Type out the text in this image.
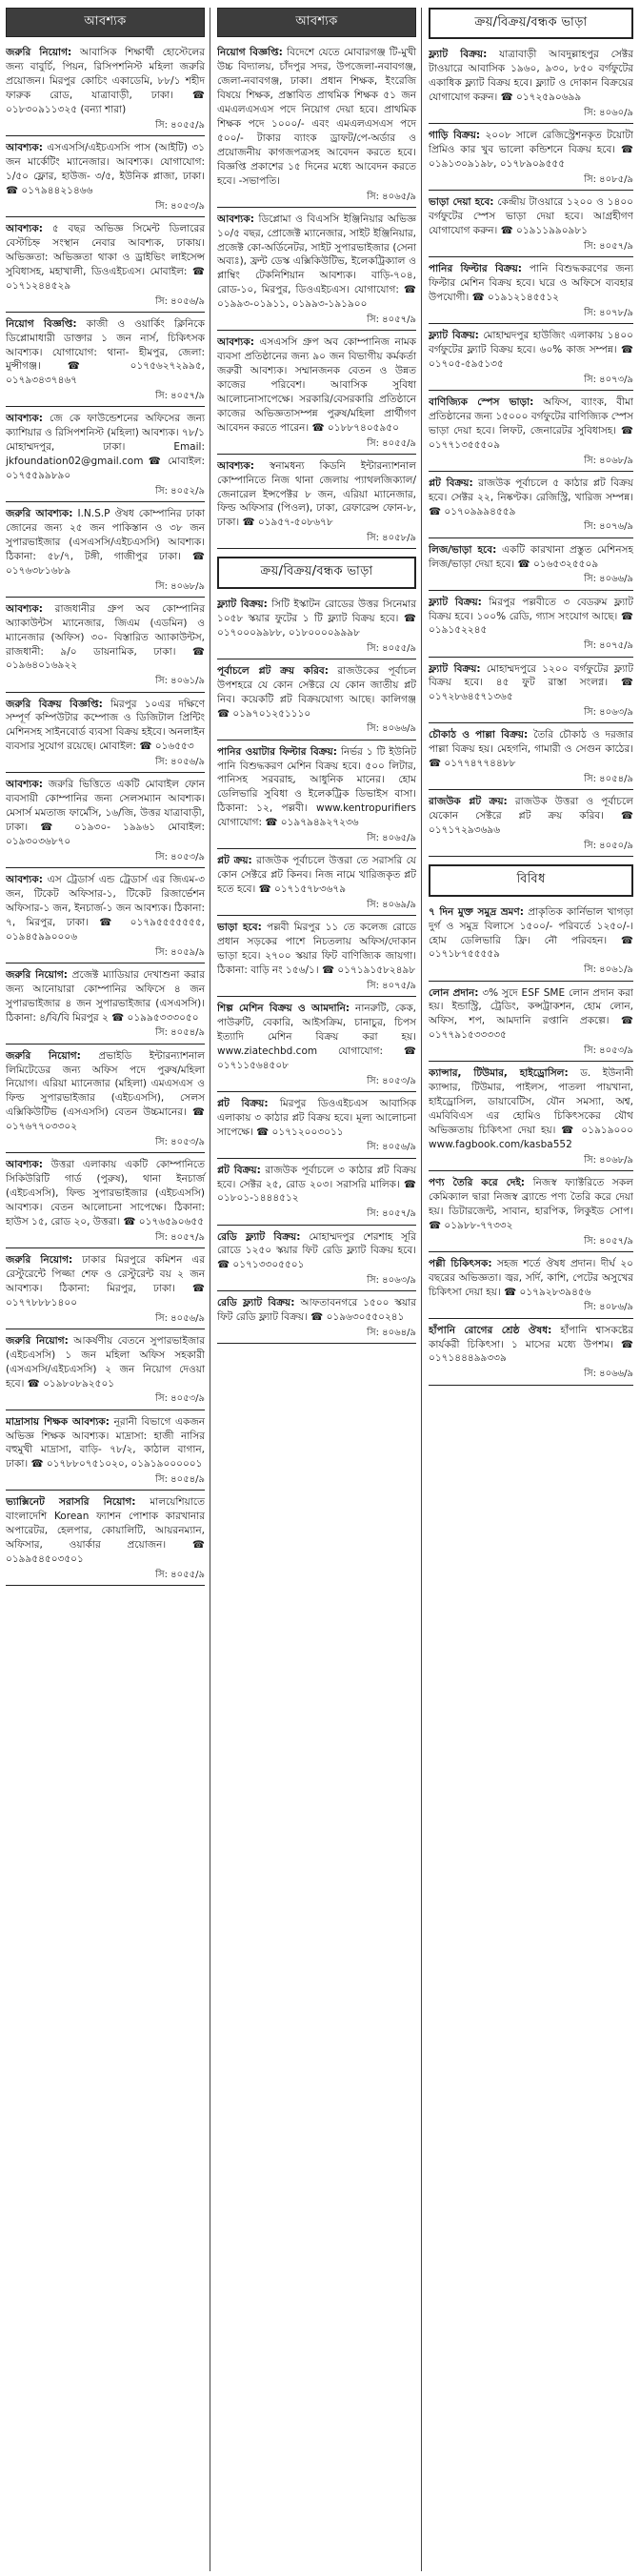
আবশ্যক
জরুরি নিয়োগ: আবাসিক শিক্ষার্থী হোস্টেলের জন্য বাবুর্চি, পিয়ন, রিসিপশনিস্ট মহিলা জরুরি প্রয়োজন। মিরপুর কোচিং একাডেমি, ৮৮/১ শহীদ ফারুক রোড, যাত্রাবাড়ী, ঢাকা। ☎ ০১৮৩০৯১১৩২৫ (বন্যা শারা)
সি: ৪০৫৫/৯
আবশ্যক: এসএসসি/এইচএসসি পাস (আইটি) ৩১ জন মার্কেটিং ম্যানেজার। আবশ্যক। যোগাযোগ: ১/৫০ ফ্লোর, হাউজ- ৩/৫, ইউনিক প্লাজা, ঢাকা। ☎ ০১৭৯৪৪২১৪৬৬
সি: ৪০৫৩/৯
আবশ্যক: ৫ বছর অভিজ্ঞ সিমেন্ট ডিলারের বেস্টচিহ্ন সংস্থান নেবার আবশ্যক, ঢাকায়। অভিজ্ঞতা: অভিজ্ঞতা থাকা ও ড্রাইভিং লাইসেন্স সুবিধাসহ, মহাখালী, ডিওএইচএস। মোবাইল: ☎ ০১৭১২৪৪৫২৯
সি: ৪০৫৬/৯
নিয়োগ বিজ্ঞপ্তি: কাজী ও ওয়ার্কিং ক্লিনিকে ডিপ্লোমাধারী ডাক্তার ১ জন নার্স, চিকিৎসক আবশ্যক। যোগাযোগ: থানা- হীমপুর, জেলা: মুন্সীগঞ্জ। ☎ ০১৭৫৬২৭২৯৯৫, ০১৭৯৩৪৩৭৪৬৭
সি: ৪০৫৭/৯
আবশ্যক: জে কে ফাউন্ডেশনের অফিসের জন্য ক্যাশিয়ার ও রিসিপশনিস্ট (মহিলা) আবশ্যক। ৭৮/১ মোহাম্মদপুর, ঢাকা। Email: jkfoundation02@gmail.com ☎ মোবাইল: ০১৭৫৫৯৯৮৯০
সি: ৪০৫২/৯
জরুরি আবশ্যক: I.N.S.P ঔষধ কোম্পানির ঢাকা জোনের জন্য ২৫ জন পাকিস্তান ও ৩৮ জন সুপারভাইজার (এসএসসি/এইচএসসি) আবশ্যক। ঠিকানা: ৫৮/৭, টঙ্গী, গাজীপুর ঢাকা। ☎ ০১৭৬৩৮১৬৮৯
সি: ৪০৬৮/৯
আবশ্যক: রাজধানীর গ্রুপ অব কোম্পানির অ্যাকাউন্টস ম্যানেজার, জিএম (এডমিন) ও ম্যানেজার (অফিস) ৩০- বিস্তারিত অ্যাকাউন্টস, রাজধানী: ৯/০ ডায়নামিক, ঢাকা। ☎ ০১৯৬৪০১৬৯২২
সি: ৪০৬১/৯
জরুরি বিক্রয় বিজ্ঞপ্তি: মিরপুর ১০এর দক্ষিণে সম্পূর্ণ কম্পিউটার কম্পোজ ও ডিজিটাল প্রিন্টিং মেশিনসহ সাইনবোর্ড ব্যবসা বিক্রয় হইবে। অনলাইন ব্যবসার সুযোগ রয়েছে। মোবাইল: ☎ ০১৬৫৫৩
সি: ৪০৫৬/৯
আবশ্যক: জরুরি ভিত্তিতে একটি মোবাইল ফোন ব্যবসায়ী কোম্পানির জন্য সেলসম্যান আবশ্যক। মেসার্স মমতাজ ফার্মেসি, ১৬/জি, উত্তর যাত্রাবাড়ী, ঢাকা। ☎ ০১৯৩০- ১৯৯৬১ মোবাইল: ০১৯৩০৩৬৮৭০
সি: ৪০৫৩/৯
আবশ্যক: এস ট্রেডার্স এন্ড ট্রেডার্স এর জিএম-৩ জন, টিকেট অফিসার-১, টিকেট রিজার্ভেশন অফিসার-১ জন, ইনচার্জ-১ জন আবশ্যক। ঠিকানা: ৭, মিরপুর, ঢাকা। ☎ ০১৭৯৫৫৫৫৫৫৫, ০১৯৪৫৯৯০০০৬
সি: ৪০৫৯/৯
জরুরি নিয়োগ: প্রজেক্ট ম্যাডিয়ার দেখাশুনা করার জন্য আনোয়ারা কোম্পানির অফিসে ৪ জন সুপারভাইজার ৪ জন সুপারভাইজার (এসএসসি)। ঠিকানা: ৪/বি/বি মিরপুর ২ ☎ ০১৯৯৫৩৩৩০৫০
সি: ৪০৫৪/৯
জরুরি নিয়োগ: প্রভাইডি ইন্টারন্যাশনাল লিমিটেডের জন্য অফিস পদে পুরুষ/মহিলা নিয়োগ। এরিয়া ম্যানেজার (মহিলা) এমএসএস ও ফিল্ড সুপারভাইজার (এইচএসসি), সেলস এক্সিকিউটিভ (এসএসসি) বেতন উচ্চমানের। ☎ ০১৭৬৭৭০৩৩০২
সি: ৪০৫৩/৯
আবশ্যক: উত্তরা এলাকায় একটি কোম্পানিতে সিকিউরিটি গার্ড (পুরুষ), থানা ইনচার্জ (এইচএসসি), ফিল্ড সুপারভাইজার (এইচএসসি) আবশ্যক। বেতন আলোচনা সাপেক্ষে। ঠিকানা: হাউস ১৫, রোড ২০, উত্তরা। ☎ ০১৭৬৫৯০৬৫৫
সি: ৪০৫৭/৯
জরুরি নিয়োগ: ঢাকার মিরপুরে কমিশন এর রেস্টুরেন্টে পিজ্জা শেফ ও রেস্টুরেন্ট বয় ২ জন আবশ্যক। ঠিকানা: মিরপুর, ঢাকা। ☎ ০১৭৭৮৮৮১৪০০
সি: ৪০৫৬/৯
জরুরি নিয়োগ: আকর্ষণীয় বেতনে সুপারভাইজার (এইচএসসি) ১ জন মহিলা অফিস সহকারী (এসএসসি/এইচএসসি) ২ জন নিয়োগ দেওয়া হবে। ☎ ০১৯৮০৮৯২৫০১
সি: ৪০৫৩/৯
মাদ্রাসায় শিক্ষক আবশ্যক: নূরানী বিভাগে একজন অভিজ্ঞ শিক্ষক আবশ্যক। মাদ্রাসা: হাজী নাসির বহুমুখী মাদ্রাসা, বাড়ি- ৭৮/২, কাঠাল বাগান, ঢাকা। ☎ ০১৭৮৮০৭৫১০২০, ০১৯১৯০০০০০১
সি: ৪০৫৪/৯
ভ্যাক্সিনেট সরাসরি নিয়োগ: মালয়েশিয়াতে বাংলাদেশি Korean ফ্যাশন পোশাক কারখানার অপারেটর, হেলপার, কোয়ালিটি, আয়রনম্যান, অফিসার, ওয়ার্কার প্রয়োজন। ☎ ০১৯৯৫৪৫০৩৫০১
সি: ৪০৫৫/৯
আবশ্যক
নিয়োগ বিজ্ঞপ্তি: বিদেশে যেতে মোবারগঞ্জ টি-মুখী উচ্চ বিদ্যালয়, চাঁদপুর সদর, উপজেলা-নবাবগঞ্জ, জেলা-নবাবগঞ্জ, ঢাকা। প্রধান শিক্ষক, ইংরেজি বিষয়ে শিক্ষক, প্রস্তাবিত প্রাথমিক শিক্ষক ৫১ জন এমএলএসএস পদে নিয়োগ দেয়া হবে। প্রাথমিক শিক্ষক পদে ১০০০/- এবং এমএলএসএস পদে ৫০০/- টাকার ব্যাংক ড্রাফট/পে-অর্ডার ও প্রয়োজনীয় কাগজপত্রসহ আবেদন করতে হবে। বিজ্ঞপ্তি প্রকাশের ১৫ দিনের মধ্যে আবেদন করতে হবে। -সভাপতি।
সি: ৪০৬৫/৯
আবশ্যক: ডিপ্লোমা ও বিএসসি ইঞ্জিনিয়ার অভিজ্ঞ ১০/৫ বছর, প্রোজেক্ট ম্যানেজার, সাইট ইঞ্জিনিয়ার, প্রজেক্ট কো-অর্ডিনেটর, সাইট সুপারভাইজার (সেনা অব্যঃ), ফ্রন্ট ডেস্ক এক্সিকিউটিভ, ইলেকট্রিক্যাল ও প্লাম্বিং টেকনিশিয়ান আবশ্যক। বাড়ি-৭০৪, রোড-১০, মিরপুর, ডিওএইচএস। যোগাযোগ: ☎ ০১৯৯৩-০১৯১১, ০১৯৯৩-১৯১৯০০
সি: ৪০৫৭/৯
আবশ্যক: এসএসসি গ্রুপ অব কোম্পানিজ নামক ব্যবসা প্রতিষ্ঠানের জন্য ৯০ জন বিভাগীয় কর্মকর্তা জরুরী আবশ্যক। সম্মানজনক বেতন ও উন্নত কাজের পরিবেশ। আবাসিক সুবিধা আলোচনাসাপেক্ষে। সরকারি/বেসরকারি প্রতিষ্ঠানে কাজের অভিজ্ঞতাসম্পন্ন পুরুষ/মহিলা প্রার্থীগণ আবেদন করতে পারেন। ☎ ০১৮৮৭৪০৫৯৫০
সি: ৪০৫৫/৯
আবশ্যক: স্বনামধন্য কিডনি ইন্টারন্যাশনাল কোম্পানিতে নিজ থানা জেলায় প্যাথলজিক্যাল/জেনারেল ইন্সপেক্টর ৮ জন, এরিয়া ম্যানেজার, ফিল্ড অফিসার (পিওল), ঢাকা, রেফারেন্স ফোন-৮, ঢাকা। ☎ ০১৯৫৭-৫০৮৬৭৮
সি: ৪০৫৮/৯
ক্রয়/বিক্রয়/বন্ধক ভাড়া
ফ্ল্যাট বিক্রয়: সিটি ইস্কাটন রোডের উত্তর সিনেমার ১০৫৮ স্কয়ার ফুটের ১ টি ফ্ল্যাট বিক্রয় হবে। ☎ ০১৭০০০৯৯৮৮, ০১৮০০০০৯৯৯৮
সি: ৪০৫৫/৯
পূর্বাচলে প্লট ক্রয় করিব: রাজউকের পূর্বাচল উপশহরে যে কোন সেক্টরে যে কোন জাতীয় প্লট নিব। কয়েকটি প্লট বিক্রয়যোগ্য আছে। কালিগঞ্জ ☎ ০১৯৭০১২৫১১১০
সি: ৪০৬৬/৯
পানির ওয়াটার ফিল্টার বিক্রয়: নির্ভর ১ টি ইউনিট পানি বিশুদ্ধকরণ মেশিন বিক্রয় হবে। ৫০০ লিটার, পানিসহ সরবরাহ, আধুনিক মানের। হোম ডেলিভারি সুবিধা ও ইলেকট্রিক ডিভাইস বাসা। ঠিকানা: ১২, পল্লবী। www.kentropurifiers যোগাযোগ: ☎ ০১৯৭৯৪৯২৭২৩৬
সি: ৪০৬৫/৯
প্লট ক্রয়: রাজউক পূর্বাচলে উত্তরা তে সরাসরি যে কোন সেক্টরে প্লট কিনব। নিজ নামে খারিজকৃত প্লট হতে হবে। ☎ ০১৭১৫৭৮৩৬৭৯
সি: ৪০৬৯/৯
ভাড়া হবে: পল্লবী মিরপুর ১১ তে কলেজ রোডে প্রধান সড়কের পাশে নিচতলায় অফিস/দোকান ভাড়া হবে। ২৭০০ স্কয়ার ফিট বাণিজ্যিক জায়গা। ঠিকানা: বাড়ি নং ১৫৬/১। ☎ ০১৭১৯১৫৮২৪৯৮
সি: ৪০৭৫/৯
শিল্প মেশিন বিক্রয় ও আমদানি: নানরুটি, কেক, পাউরুটি, বেকারি, আইসক্রিম, চানাচুর, চিপস ইত্যাদি মেশিন বিক্রয় করা হয়। www.ziatechbd.com যোগাযোগ: ☎ ০১৭১১৫৬৪৫০৮
সি: ৪০৫৩/৯
প্লট বিক্রয়: মিরপুর ডিওএইচএস আবাসিক এলাকায় ৩ কাঠার প্লট বিক্রয় হবে। মূল্য আলোচনা সাপেক্ষে। ☎ ০১৭১২০০৩০১১
সি: ৪০৫৬/৯
প্লট বিক্রয়: রাজউক পূর্বাচলে ৩ কাঠার প্লট বিক্রয় হবে। সেক্টর ২৫, রোড ২০৩। সরাসরি মালিক। ☎ ০১৮০১-১৪৪৪৫১২
সি: ৪০৫৭/৯
রেডি ফ্ল্যাট বিক্রয়: মোহাম্মদপুর শেরশাহ সূরি রোডে ১২৫০ স্কয়ার ফিট রেডি ফ্ল্যাট বিক্রয় হবে। ☎ ০১৭১৩৩০৫৫০১
সি: ৪০৬৩/৯
রেডি ফ্ল্যাট বিক্রয়: আফতাবনগরে ১৫০০ স্কয়ার ফিট রেডি ফ্ল্যাট বিক্রয়। ☎ ০১৯৬৩০৫৫০২৪১
সি: ৪০৬৪/৯
ক্রয়/বিক্রয়/বন্ধক ভাড়া
ফ্ল্যাট বিক্রয়: যাত্রাবাড়ী আবদুল্লাহপুর সেক্টর টাওয়ারে আবাসিক ১৯৬০, ৯৩০, ৮৫০ বর্গফুটের একাধিক ফ্ল্যাট বিক্রয় হবে। ফ্ল্যাট ও দোকান বিক্রয়ের যোগাযোগ করুন। ☎ ০১৭২৫৯০৬৯৯
সি: ৪০৬০/৯
গাড়ি বিক্রয়: ২০০৮ সালে রেজিস্ট্রেশনকৃত টয়োটা প্রিমিও কার খুব ভালো কন্ডিশনে বিক্রয় হবে। ☎ ০১৯১৩০৯১৯৮, ০১৭৮৯০৯৫৫৫
সি: ৪০৮৫/৯
ভাড়া দেয়া হবে: কেন্দ্রীয় টাওয়ারে ১২০০ ও ১৪০০ বর্গফুটের স্পেস ভাড়া দেয়া হবে। আগ্রহীগণ যোগাযোগ করুন। ☎ ০১৯১১৯৯০৯৮১
সি: ৪০৫৭/৯
পানির ফিল্টার বিক্রয়: পানি বিশুদ্ধকরণের জন্য ফিল্টার মেশিন বিক্রয় হবে। ঘরে ও অফিসে ব্যবহার উপযোগী। ☎ ০১৯১২১৪৫৫১২
সি: ৪০৭৮/৯
ফ্ল্যাট বিক্রয়: মোহাম্মদপুর হাউজিং এলাকায় ১৪০০ বর্গফুটের ফ্ল্যাট বিক্রয় হবে। ৬০% কাজ সম্পন্ন। ☎ ০১৭০৫-৫৯৫১৩৫
সি: ৪০৭৩/৯
বাণিজ্যিক স্পেস ভাড়া: অফিস, ব্যাংক, বীমা প্রতিষ্ঠানের জন্য ১৫০০০ বর্গফুটের বাণিজ্যিক স্পেস ভাড়া দেয়া হবে। লিফট, জেনারেটর সুবিধাসহ। ☎ ০১৭৭১৩৫৫৫০৯
সি: ৪০৬৮/৯
প্লট বিক্রয়: রাজউক পূর্বাচলে ৫ কাঠার প্লট বিক্রয় হবে। সেক্টর ২২, নিষ্কণ্টক। রেজিস্ট্রি, খারিজ সম্পন্ন। ☎ ০১৭০৯৯৯৪৫৫৯
সি: ৪০৭৬/৯
লিজ/ভাড়া হবে: একটি কারখানা প্রস্তুত মেশিনসহ লিজ/ভাড়া দেয়া হবে। ☎ ০১৬৫৩২৫৫০৯
সি: ৪০৬৬/৯
ফ্ল্যাট বিক্রয়: মিরপুর পল্লবীতে ৩ বেডরুম ফ্ল্যাট বিক্রয় হবে। ১০০% রেডি, গ্যাস সংযোগ আছে। ☎ ০১৯১৫২২৪৫
সি: ৪০৭৫/৯
ফ্ল্যাট বিক্রয়: মোহাম্মদপুরে ১২০০ বর্গফুটের ফ্ল্যাট বিক্রয় হবে। ৪৫ ফুট রাস্তা সংলগ্ন। ☎ ০১৭২৮৬৪৫৭১৩৬৫
সি: ৪০৬৩/৯
চৌকাঠ ও পাল্লা বিক্রয়: তৈরি চৌকাঠ ও দরজার পাল্লা বিক্রয় হয়। মেহগনি, গামারী ও সেগুন কাঠের। ☎ ০১৭৭৪৭৭৪৪৮৮
সি: ৪০৫৪/৯
রাজউক প্লট ক্রয়: রাজউক উত্তরা ও পূর্বাচলে যেকোন সেক্টরে প্লট ক্রয় করিব। ☎ ০১৭১৭২৯৩৬৯৬
সি: ৪০৫০/৯
বিবিধ
৭ দিন মুক্ত সমুদ্র ভ্রমণ: প্রাকৃতিক কার্নিভাল খাগড়া দুর্গ ও সমুদ্র বিলাসে ১৫০০/- পরিবর্তে ১২৫০/-। হোম ডেলিভারি ফ্রি। নৌ পরিবহন। ☎ ০১৭১৮৭৫৫৫৫৯
সি: ৪০৬১/৯
লোন প্রদান: ৩% সুদে ESF SME লোন প্রদান করা হয়। ইন্ডাস্ট্রি, ট্রেডিং, কন্সট্রাকশন, হোম লোন, অফিস, শপ, আমদানি রপ্তানি প্রকল্পে। ☎ ০১৭৭৯১৫৩৩৩৩৫
সি: ৪০৫৩/৯
ক্যান্সার, টিউমার, হাইড্রোসিল: ড. ইউনানী ক্যান্সার, টিউমার, পাইলস, পাতলা পায়খানা, হাইড্রোসিল, ডায়াবেটিস, যৌন সমস্যা, অশ্ব, এমবিবিএস এর হোমিও চিকিৎসকের যৌথ অভিজ্ঞতায় চিকিৎসা দেয়া হয়। ☎ ০১৯১৯০০০ www.fagbook.com/kasba552
সি: ৪০৬৮/৯
পণ্য তৈরি করে দেই: নিজস্ব ফ্যাক্টরিতে সকল কেমিক্যাল দ্বারা নিজস্ব ব্র্যান্ডে পণ্য তৈরি করে দেয়া হয়। ডিটারজেন্ট, সাবান, হারপিক, লিকুইড সোপ। ☎ ০১৯৮৮-৭৭৩৩২
সি: ৪০৫৭/৯
পল্লী চিকিৎসক: সহজ শর্তে ঔষধ প্রদান। দীর্ঘ ২০ বছরের অভিজ্ঞতা। জ্বর, সর্দি, কাশি, পেটের অসুখের চিকিৎসা দেয়া হয়। ☎ ০১৭৯২৮৩৯৪৫৬
সি: ৪০৮৬/৯
হাঁপানি রোগের শ্রেষ্ঠ ঔষধ: হাঁপানি শ্বাসকষ্টের কার্যকরী চিকিৎসা। ১ মাসের মধ্যে উপশম। ☎ ০১৭১৪৪৪৯৯৩৩৯
সি: ৪০৬৬/৯
